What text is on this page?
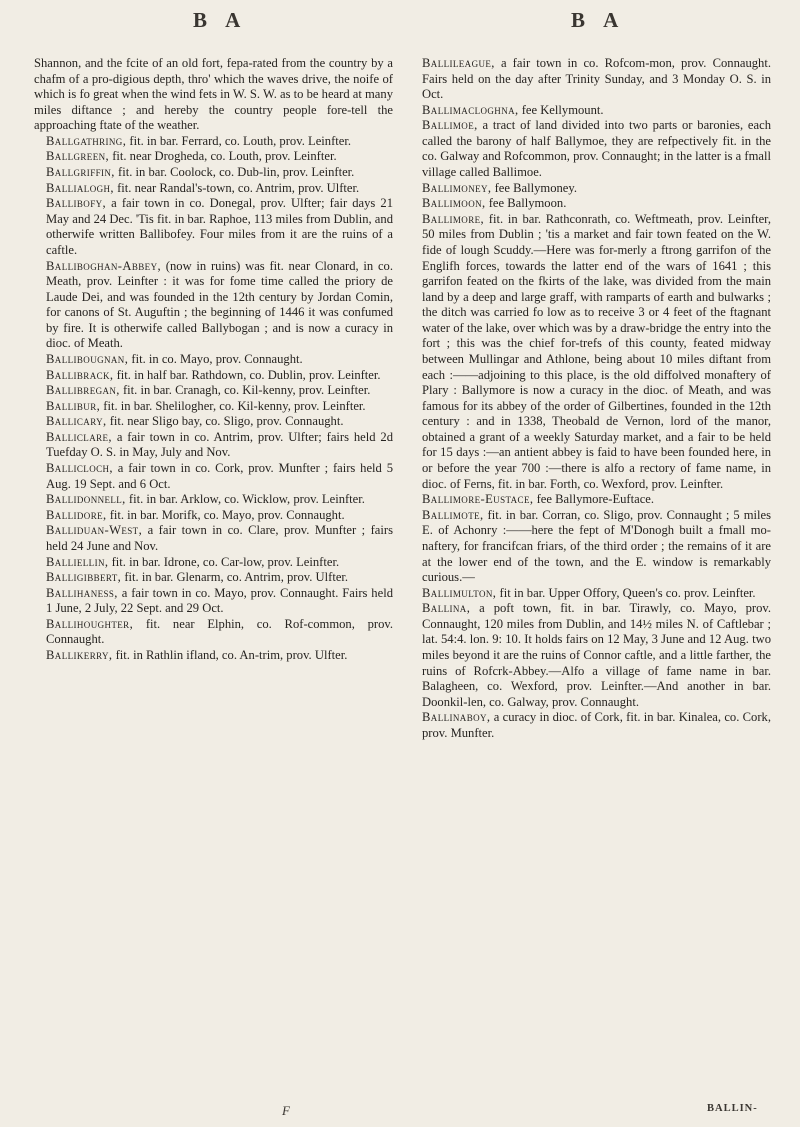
B A	B A

Shannon, and the fcite of an old fort, fepa-rated from the country by a chafm of a pro-digious depth, thro' which the waves drive, the noife of which is fo great when the wind fets in W. S. W. as to be heard at many miles diftance ; and hereby the country people fore-tell the approaching ftate of the weather.

Ballgathring, fit. in bar. Ferrard, co. Louth, prov. Leinfter.

Ballgreen, fit. near Drogheda, co. Louth, prov. Leinfter.

Ballgriffin, fit. in bar. Coolock, co. Dub-lin, prov. Leinfter.

Ballialogh, fit. near Randal's-town, co. Antrim, prov. Ulfter.

Ballibofy, a fair town in co. Donegal, prov. Ulfter; fair days 21 May and 24 Dec. 'Tis fit. in bar. Raphoe, 113 miles from Dublin, and otherwife written Ballibofey. Four miles from it are the ruins of a caftle.

Balliboghan-Abbey, (now in ruins) was fit. near Clonard, in co. Meath, prov. Leinfter : it was for fome time called the priory de Laude Dei, and was founded in the 12th century by Jordan Comin, for canons of St. Auguftin ; the beginning of 1446 it was confumed by fire. It is otherwife called Ballybogan ; and is now a curacy in dioc. of Meath.

Ballibougnan, fit. in co. Mayo, prov. Connaught.

Ballibrack, fit. in half bar. Rathdown, co. Dublin, prov. Leinfter.

Ballibregan, fit. in bar. Cranagh, co. Kil-kenny, prov. Leinfter.

Ballibur, fit. in bar. Shelilogher, co. Kil-kenny, prov. Leinfter.

Ballicary, fit. near Sligo bay, co. Sligo, prov. Connaught.

Balliclare, a fair town in co. Antrim, prov. Ulfter; fairs held 2d Tuefday O. S. in May, July and Nov.

Ballicloch, a fair town in co. Cork, prov. Munfter ; fairs held 5 Aug. 19 Sept. and 6 Oct.

Ballidonnell, fit. in bar. Arklow, co. Wicklow, prov. Leinfter.

Ballidore, fit. in bar. Morifk, co. Mayo, prov. Connaught.

Balliduan-West, a fair town in co. Clare, prov. Munfter ; fairs held 24 June and Nov.

Balliellin, fit. in bar. Idrone, co. Car-low, prov. Leinfter.

Balligibbert, fit. in bar. Glenarm, co. Antrim, prov. Ulfter.

Ballihaness, a fair town in co. Mayo, prov. Connaught. Fairs held 1 June, 2 July, 22 Sept. and 29 Oct.

Ballihoughter, fit. near Elphin, co. Rof-common, prov. Connaught.

Ballikerry, fit. in Rathlin ifland, co. An-trim, prov. Ulfter.

Ballileague, a fair town in co. Rofcom-mon, prov. Connaught. Fairs held on the day after Trinity Sunday, and 3 Monday O. S. in Oct.

Ballimacloghna, fee Kellymount.

Ballimoe, a tract of land divided into two parts or baronies, each called the barony of half Ballymoe, they are refpectively fit. in the co. Galway and Rofcommon, prov. Connaught; in the latter is a fmall village called Ballimoe.

Ballimoney, fee Ballymoney.

Ballimoon, fee Ballymoon.

Ballimore, fit. in bar. Rathconrath, co. Weftmeath, prov. Leinfter, 50 miles from Dublin ; 'tis a market and fair town feated on the W. fide of lough Scuddy.—Here was for-merly a ftrong garrifon of the Englifh forces, towards the latter end of the wars of 1641 ; this garrifon feated on the fkirts of the lake, was divided from the main land by a deep and large graff, with ramparts of earth and bulwarks ; the ditch was carried fo low as to receive 3 or 4 feet of the ftagnant water of the lake, over which was by a draw-bridge the entry into the fort ; this was the chief for-trefs of this county, feated midway between Mullingar and Athlone, being about 10 miles diftant from each :——adjoining to this place, is the old diffolved monaftery of Plary : Ballymore is now a curacy in the dioc. of Meath, and was famous for its abbey of the order of Gilbertines, founded in the 12th century : and in 1338, Theobald de Vernon, lord of the manor, obtained a grant of a weekly Saturday market, and a fair to be held for 15 days :—an antient abbey is faid to have been founded here, in or before the year 700 :—there is alfo a rectory of fame name, in dioc. of Ferns, fit. in bar. Forth, co. Wexford, prov. Leinfter.

Ballimore-Eustace, fee Ballymore-Euftace.

Ballimote, fit. in bar. Corran, co. Sligo, prov. Connaught ; 5 miles E. of Achonry :——here the fept of M'Donogh built a fmall mo-naftery, for francifcan friars, of the third order ; the remains of it are at the lower end of the town, and the E. window is remarkably curious.—

Ballimulton, fit in bar. Upper Offory, Queen's co. prov. Leinfter.

Ballina, a poft town, fit. in bar. Tirawly, co. Mayo, prov. Connaught, 120 miles from Dublin, and 14½ miles N. of Caftlebar ; lat. 54:4. lon. 9: 10. It holds fairs on 12 May, 3 June and 12 Aug. two miles beyond it are the ruins of Connor caftle, and a little farther, the ruins of Rofcrk-Abbey.—Alfo a village of fame name in bar. Balagheen, co. Wexford, prov. Leinfter.—And another in bar. Doonkil-len, co. Galway, prov. Connaught.

Ballinaboy, a curacy in dioc. of Cork, fit. in bar. Kinalea, co. Cork, prov. Munfter.

F	BALLIN-
